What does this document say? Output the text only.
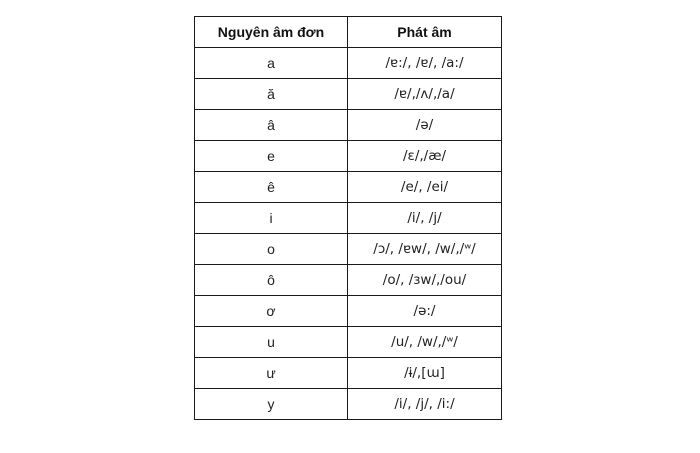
Nguyên âm đơn	Phát âm
a	/ɐ:/, /ɐ/, /a:/
ă	/ɐ/,/ʌ/,/a/
â	/ə/
e	/ɛ/,/æ/
ê	/e/, /ei/
i	/i/, /j/
o	/ɔ/, /ɐw/, /w/,/ʷ/
ô	/o/, /ɜw/,/ou/
ơ	/ə:/
u	/u/, /w/,/ʷ/
ư	/ɨ/,[ɯ]
y	/i/, /j/, /i:/
